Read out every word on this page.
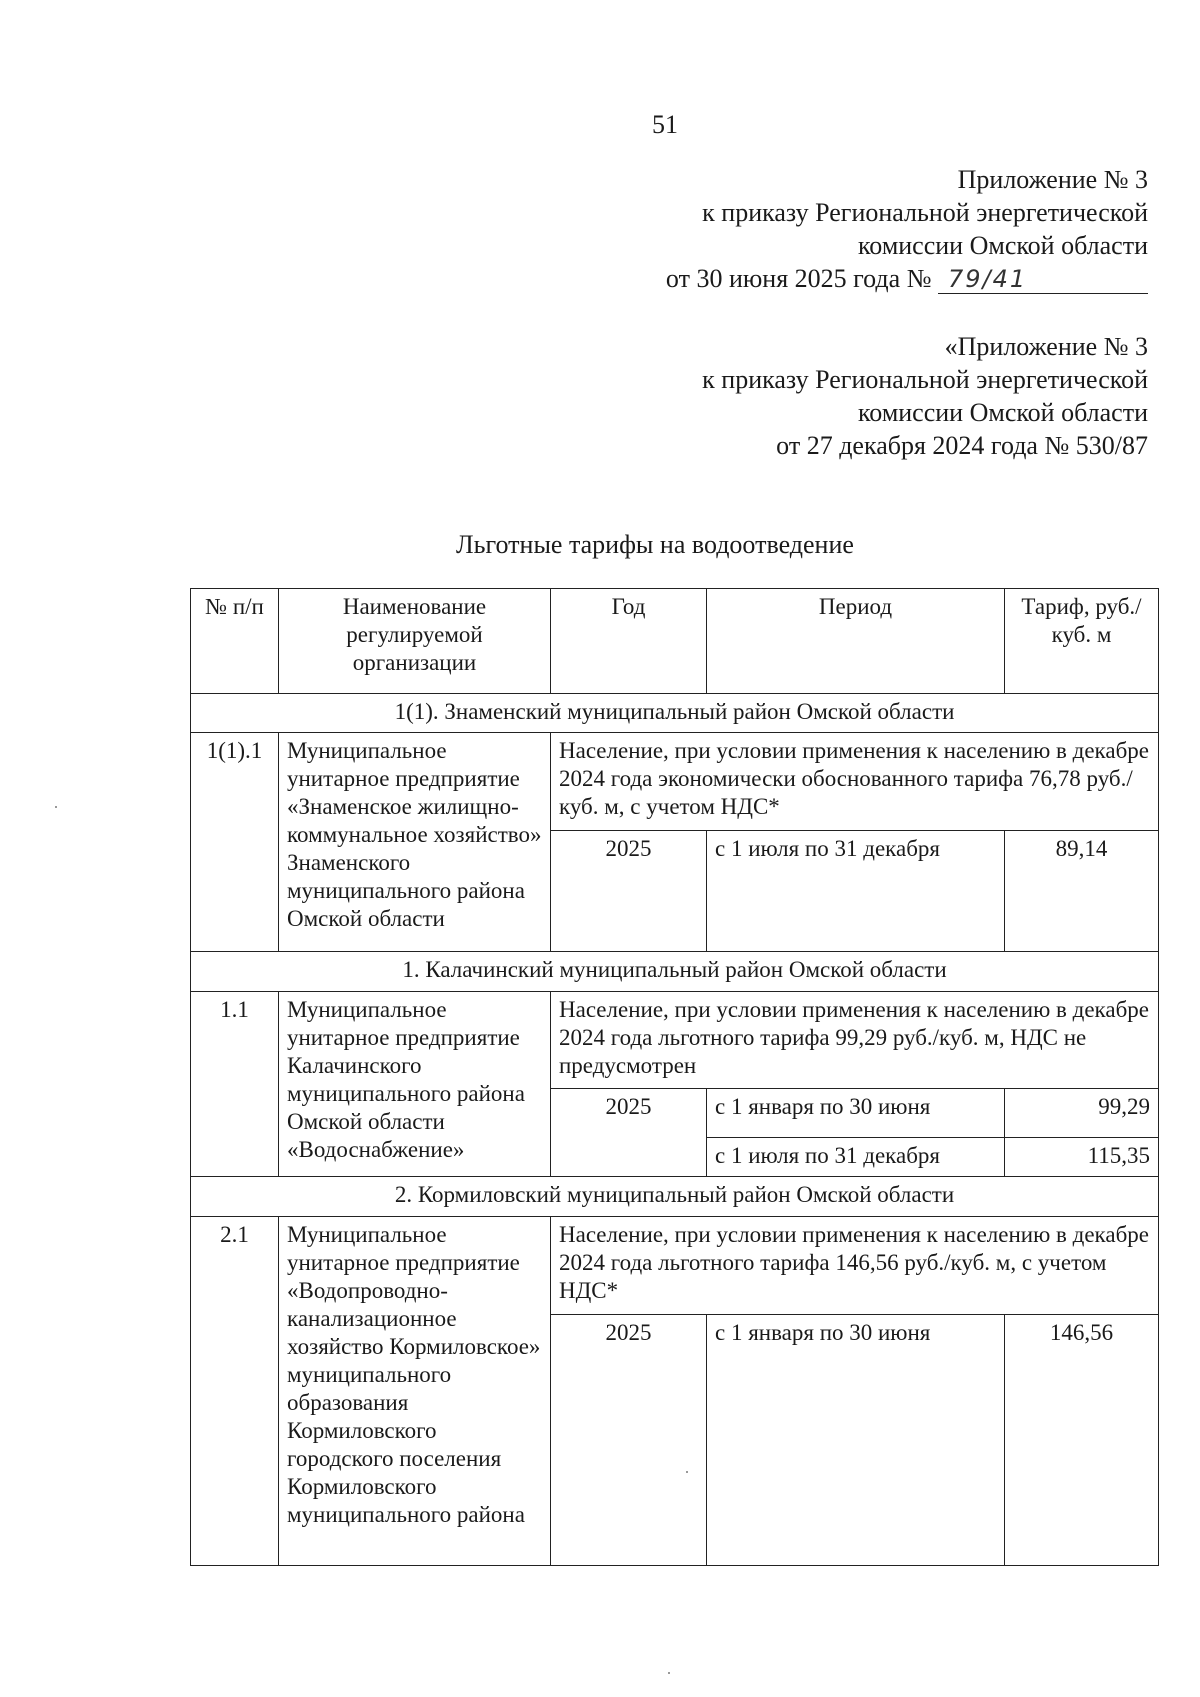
51
Приложение № 3
к приказу Региональной энергетической
комиссии Омской области
от 30 июня 2025 года № 79/41
«Приложение № 3
к приказу Региональной энергетической
комиссии Омской области
от 27 декабря 2024 года № 530/87
Льготные тарифы на водоотведение
№ п/п	Наименование регулируемой организации	Год	Период	Тариф, руб./куб. м
1(1). Знаменский муниципальный район Омской области				
1(1).1	Муниципальное унитарное предприятие «Знаменское жилищно-коммунальное хозяйство» Знаменского муниципального района Омской области	Население, при условии применения к населению в декабре 2024 года экономически обоснованного тарифа 76,78 руб./куб. м, с учетом НДС*		
		2025	с 1 июля по 31 декабря	89,14
1. Калачинский муниципальный район Омской области				
1.1	Муниципальное унитарное предприятие Калачинского муниципального района Омской области «Водоснабжение»	Население, при условии применения к населению в декабре 2024 года льготного тарифа 99,29 руб./куб. м, НДС не предусмотрен		
		2025	с 1 января по 30 июня	99,29
			с 1 июля по 31 декабря	115,35
2. Кормиловский муниципальный район Омской области				
2.1	Муниципальное унитарное предприятие «Водопроводно-канализационное хозяйство Кормиловское» муниципального образования Кормиловского городского поселения Кормиловского муниципального района	Население, при условии применения к населению в декабре 2024 года льготного тарифа 146,56 руб./куб. м, с учетом НДС*		
		2025	с 1 января по 30 июня	146,56
